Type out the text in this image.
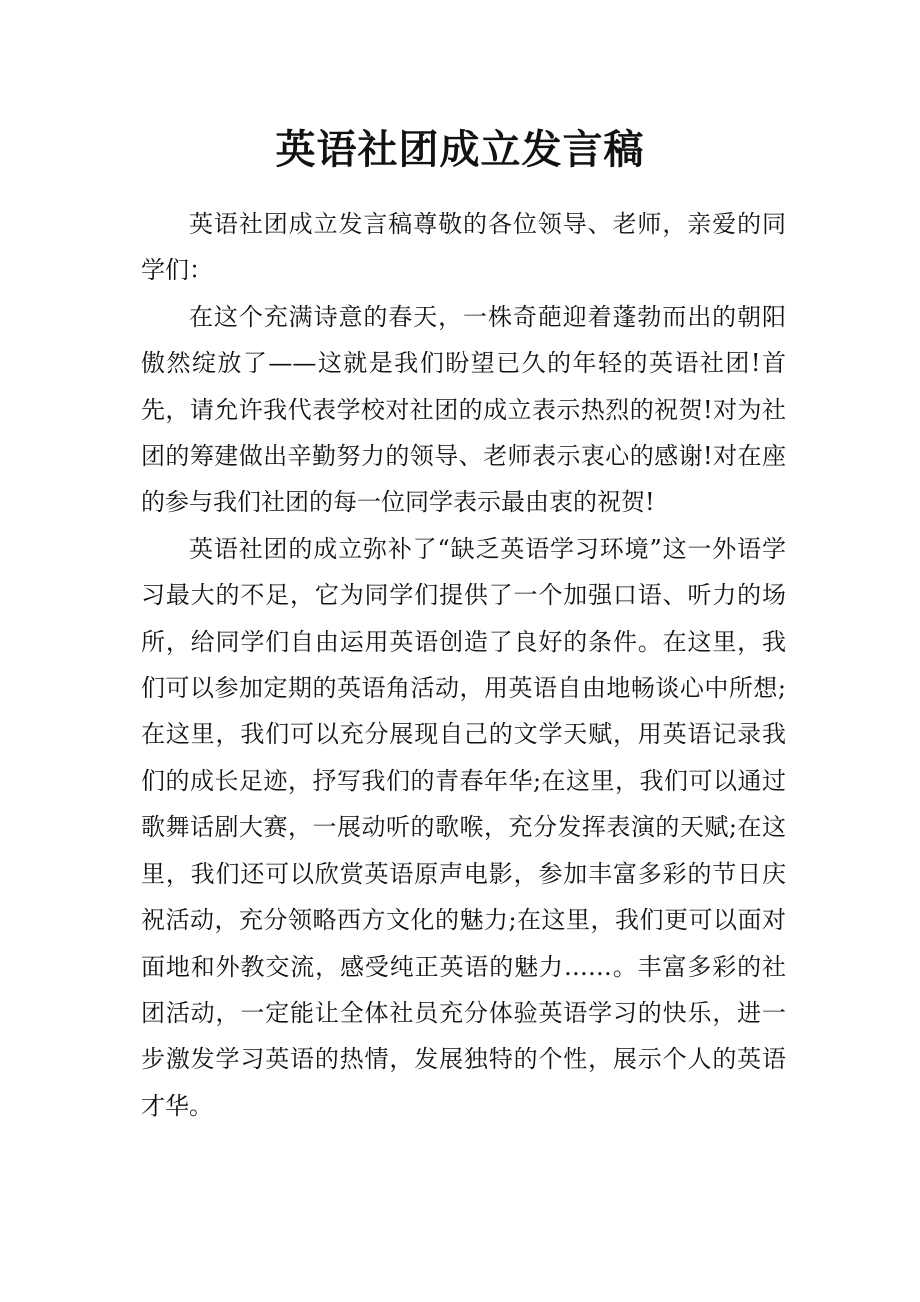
英语社团成立发言稿

英语社团成立发言稿尊敬的各位领导、老师，亲爱的同学们：

在这个充满诗意的春天，一株奇葩迎着蓬勃而出的朝阳傲然绽放了——这就是我们盼望已久的年轻的英语社团!首先，请允许我代表学校对社团的成立表示热烈的祝贺!对为社团的筹建做出辛勤努力的领导、老师表示衷心的感谢!对在座的参与我们社团的每一位同学表示最由衷的祝贺!

英语社团的成立弥补了“缺乏英语学习环境”这一外语学习最大的不足，它为同学们提供了一个加强口语、听力的场所，给同学们自由运用英语创造了良好的条件。在这里，我们可以参加定期的英语角活动，用英语自由地畅谈心中所想;在这里，我们可以充分展现自己的文学天赋，用英语记录我们的成长足迹，抒写我们的青春年华;在这里，我们可以通过歌舞话剧大赛，一展动听的歌喉，充分发挥表演的天赋;在这里，我们还可以欣赏英语原声电影，参加丰富多彩的节日庆祝活动，充分领略西方文化的魅力;在这里，我们更可以面对面地和外教交流，感受纯正英语的魅力……。丰富多彩的社团活动，一定能让全体社员充分体验英语学习的快乐，进一步激发学习英语的热情，发展独特的个性，展示个人的英语才华。
